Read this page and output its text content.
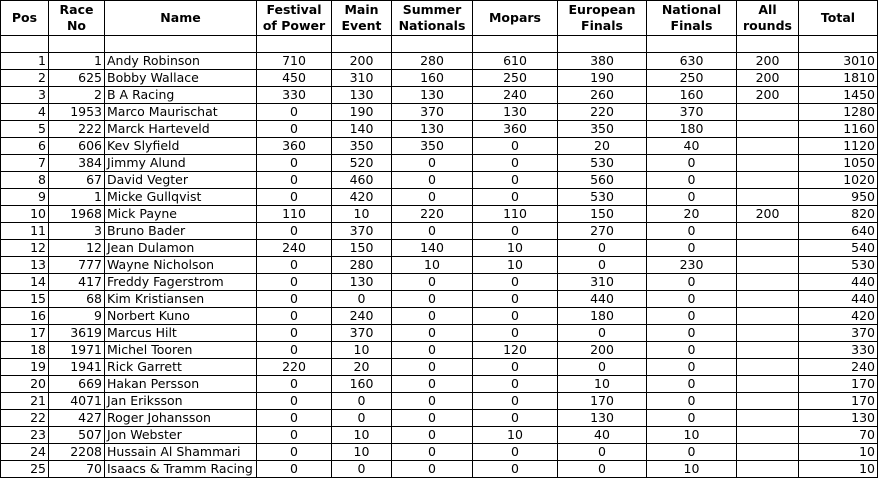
Pos	Race No	Name	Festival of Power	Main Event	Summer Nationals	Mopars	European Finals	National Finals	All rounds	Total

1	1	Andy Robinson	710	200	280	610	380	630	200	3010
2	625	Bobby Wallace	450	310	160	250	190	250	200	1810
3	2	B A Racing	330	130	130	240	260	160	200	1450
4	1953	Marco Maurischat	0	190	370	130	220	370		1280
5	222	Marck Harteveld	0	140	130	360	350	180		1160
6	606	Kev Slyfield	360	350	350	0	20	40		1120
7	384	Jimmy Alund	0	520	0	0	530	0		1050
8	67	David Vegter	0	460	0	0	560	0		1020
9	1	Micke Gullqvist	0	420	0	0	530	0		950
10	1968	Mick Payne	110	10	220	110	150	20	200	820
11	3	Bruno Bader	0	370	0	0	270	0		640
12	12	Jean Dulamon	240	150	140	10	0	0		540
13	777	Wayne Nicholson	0	280	10	10	0	230		530
14	417	Freddy Fagerstrom	0	130	0	0	310	0		440
15	68	Kim Kristiansen	0	0	0	0	440	0		440
16	9	Norbert Kuno	0	240	0	0	180	0		420
17	3619	Marcus Hilt	0	370	0	0	0	0		370
18	1971	Michel Tooren	0	10	0	120	200	0		330
19	1941	Rick Garrett	220	20	0	0	0	0		240
20	669	Hakan Persson	0	160	0	0	10	0		170
21	4071	Jan Eriksson	0	0	0	0	170	0		170
22	427	Roger Johansson	0	0	0	0	130	0		130
23	507	Jon Webster	0	10	0	10	40	10		70
24	2208	Hussain Al Shammari	0	10	0	0	0	0		10
25	70	Isaacs & Tramm Racing	0	0	0	0	0	10		10
